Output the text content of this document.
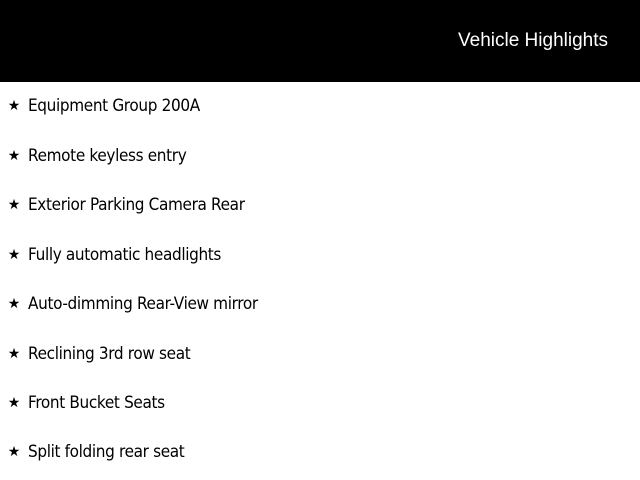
Vehicle Highlights
★ Equipment Group 200A
★ Remote keyless entry
★ Exterior Parking Camera Rear
★ Fully automatic headlights
★ Auto-dimming Rear-View mirror
★ Reclining 3rd row seat
★ Front Bucket Seats
★ Split folding rear seat
